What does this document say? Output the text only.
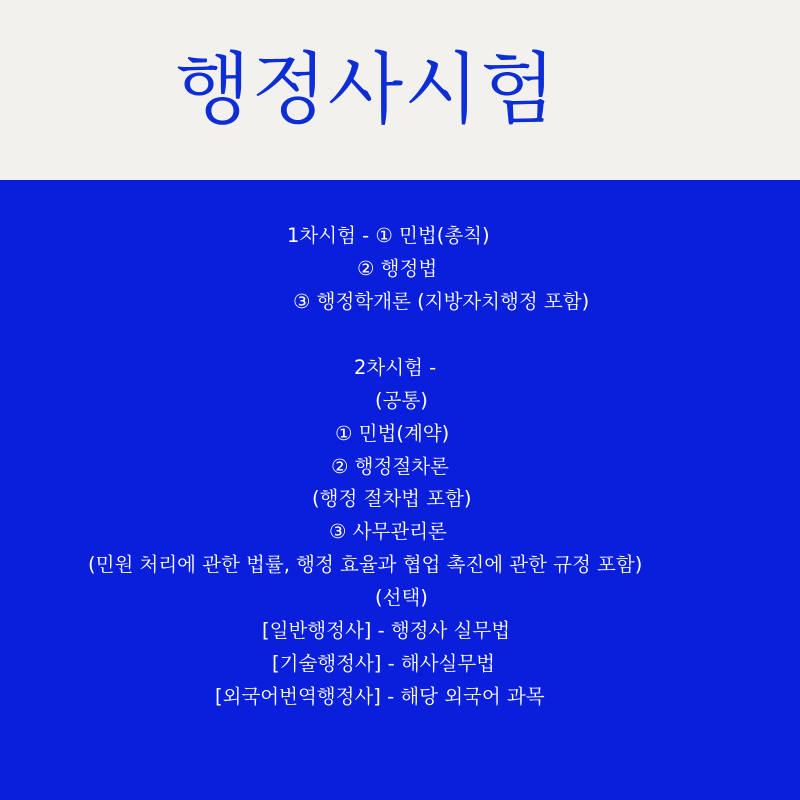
행정사시험
1차시험 - ① 민법(총칙)
② 행정법
③ 행정학개론 (지방자치행정 포함)
2차시험 -
(공통)
① 민법(계약)
② 행정절차론
(행정 절차법 포함)
③ 사무관리론
(민원 처리에 관한 법률, 행정 효율과 협업 촉진에 관한 규정 포함)
(선택)
[일반행정사] - 행정사 실무법
[기술행정사] - 해사실무법
[외국어번역행정사] - 해당 외국어 과목
